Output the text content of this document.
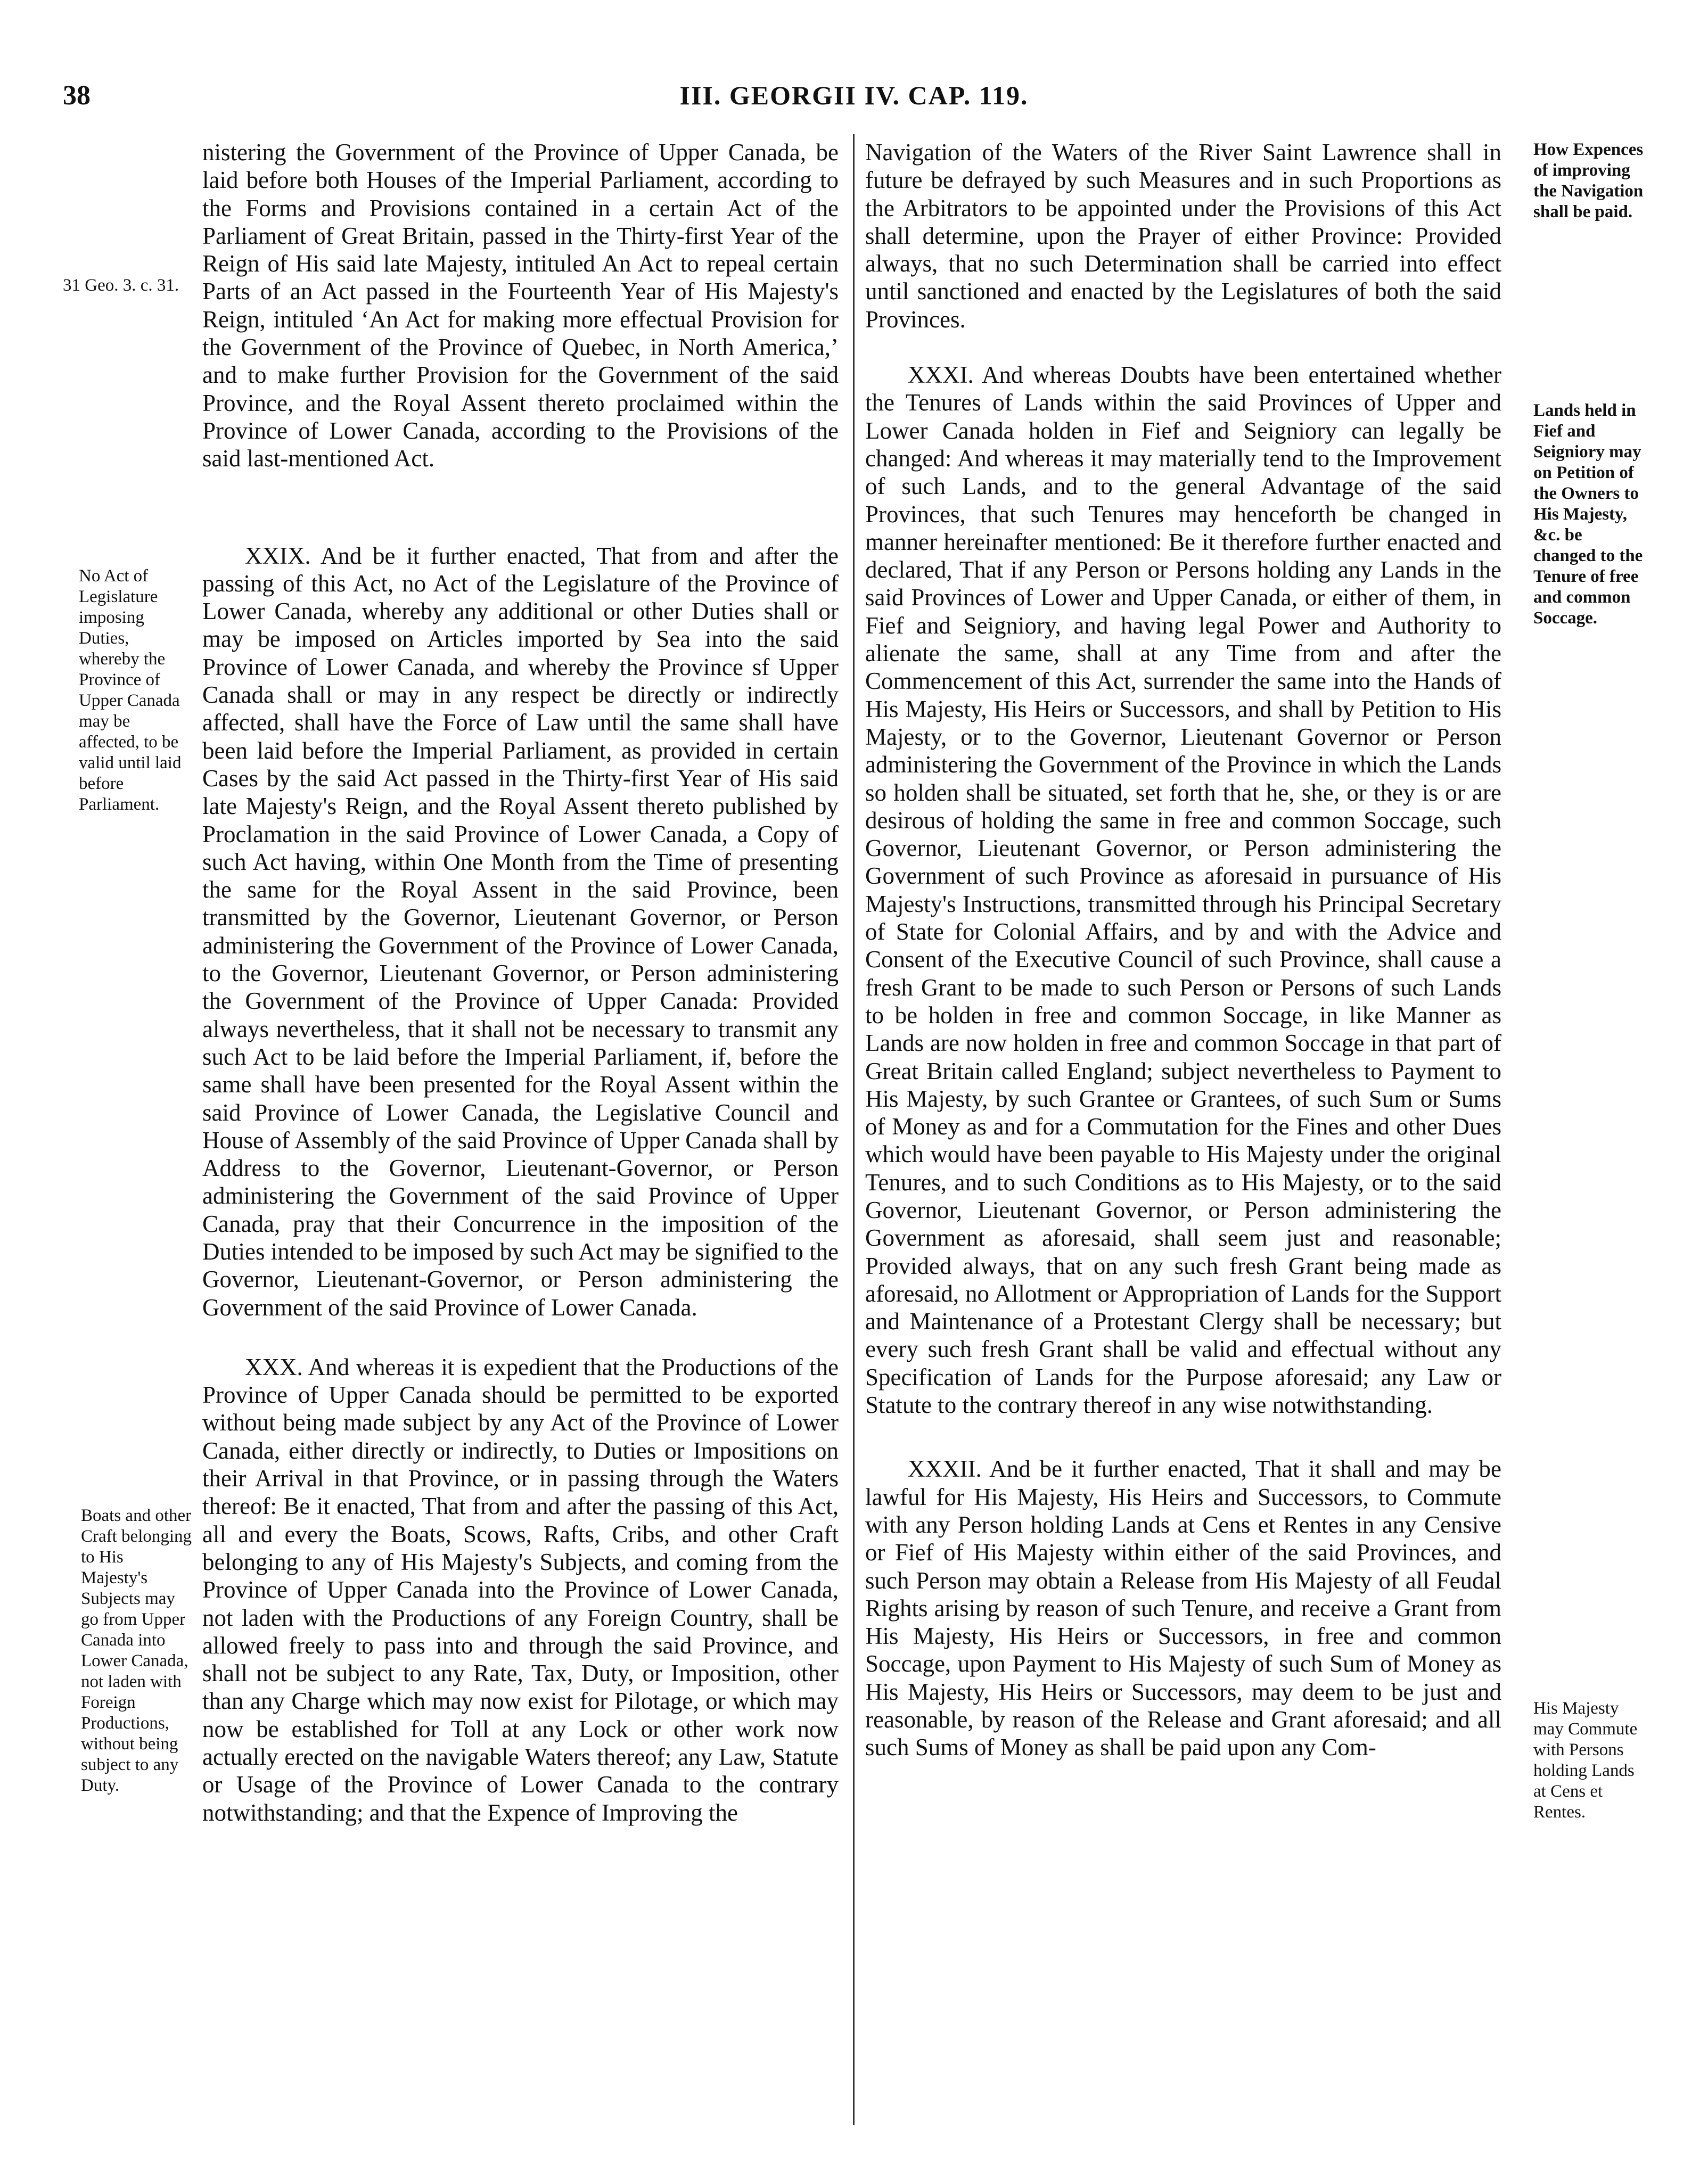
38	III. GEORGII IV. CAP. 119.
31 Geo. 3. c. 31.
No Act of Legislature imposing Duties, whereby the Province of Upper Canada may be affected, to be valid until laid before Parliament.
Boats and other Craft belonging to His Majesty's Subjects may go from Upper Canada into Lower Canada, not laden with Foreign Productions, without being subject to any Duty.
How Expences of improving the Navigation shall be paid.
Lands held in Fief and Seigniory may on Petition of the Owners to His Majesty, &c. be changed to the Tenure of free and common Soccage.
His Majesty may Commute with Persons holding Lands at Cens et Rentes.

nistering the Government of the Province of Upper Canada, be laid before both Houses of the Imperial Parliament, according to the Forms and Provisions contained in a certain Act of the Parliament of Great Britain, passed in the Thirty-first Year of the Reign of His said late Majesty, intituled An Act to repeal certain Parts of an Act passed in the Fourteenth Year of His Majesty's Reign, intituled ‘An Act for making more effectual Provision for the Government of the Province of Quebec, in North America,’ and to make further Provision for the Government of the said Province, and the Royal Assent thereto proclaimed within the Province of Lower Canada, according to the Provisions of the said last-mentioned Act.

XXIX. And be it further enacted, That from and after the passing of this Act, no Act of the Legislature of the Province of Lower Canada, whereby any additional or other Duties shall or may be imposed on Articles imported by Sea into the said Province of Lower Canada, and whereby the Province sf Upper Canada shall or may in any respect be directly or indirectly affected, shall have the Force of Law until the same shall have been laid before the Imperial Parliament, as provided in certain Cases by the said Act passed in the Thirty-first Year of His said late Majesty's Reign, and the Royal Assent thereto published by Proclamation in the said Province of Lower Canada, a Copy of such Act having, within One Month from the Time of presenting the same for the Royal Assent in the said Province, been transmitted by the Governor, Lieutenant Governor, or Person administering the Government of the Province of Lower Canada, to the Governor, Lieutenant Governor, or Person administering the Government of the Province of Upper Canada: Provided always nevertheless, that it shall not be necessary to transmit any such Act to be laid before the Imperial Parliament, if, before the same shall have been presented for the Royal Assent within the said Province of Lower Canada, the Legislative Council and House of Assembly of the said Province of Upper Canada shall by Address to the Governor, Lieutenant-Governor, or Person administering the Government of the said Province of Upper Canada, pray that their Concurrence in the imposition of the Duties intended to be imposed by such Act may be signified to the Governor, Lieutenant-Governor, or Person administering the Government of the said Province of Lower Canada.

XXX. And whereas it is expedient that the Productions of the Province of Upper Canada should be permitted to be exported without being made subject by any Act of the Province of Lower Canada, either directly or indirectly, to Duties or Impositions on their Arrival in that Province, or in passing through the Waters thereof: Be it enacted, That from and after the passing of this Act, all and every the Boats, Scows, Rafts, Cribs, and other Craft belonging to any of His Majesty's Subjects, and coming from the Province of Upper Canada into the Province of Lower Canada, not laden with the Productions of any Foreign Country, shall be allowed freely to pass into and through the said Province, and shall not be subject to any Rate, Tax, Duty, or Imposition, other than any Charge which may now exist for Pilotage, or which may now be established for Toll at any Lock or other work now actually erected on the navigable Waters thereof; any Law, Statute or Usage of the Province of Lower Canada to the contrary notwithstanding; and that the Expence of Improving the

Navigation of the Waters of the River Saint Lawrence shall in future be defrayed by such Measures and in such Proportions as the Arbitrators to be appointed under the Provisions of this Act shall determine, upon the Prayer of either Province: Provided always, that no such Determination shall be carried into effect until sanctioned and enacted by the Legislatures of both the said Provinces.

XXXI. And whereas Doubts have been entertained whether the Tenures of Lands within the said Provinces of Upper and Lower Canada holden in Fief and Seigniory can legally be changed: And whereas it may materially tend to the Improvement of such Lands, and to the general Advantage of the said Provinces, that such Tenures may henceforth be changed in manner hereinafter mentioned: Be it therefore further enacted and declared, That if any Person or Persons holding any Lands in the said Provinces of Lower and Upper Canada, or either of them, in Fief and Seigniory, and having legal Power and Authority to alienate the same, shall at any Time from and after the Commencement of this Act, surrender the same into the Hands of His Majesty, His Heirs or Successors, and shall by Petition to His Majesty, or to the Governor, Lieutenant Governor or Person administering the Government of the Province in which the Lands so holden shall be situated, set forth that he, she, or they is or are desirous of holding the same in free and common Soccage, such Governor, Lieutenant Governor, or Person administering the Government of such Province as aforesaid in pursuance of His Majesty's Instructions, transmitted through his Principal Secretary of State for Colonial Affairs, and by and with the Advice and Consent of the Executive Council of such Province, shall cause a fresh Grant to be made to such Person or Persons of such Lands to be holden in free and common Soccage, in like Manner as Lands are now holden in free and common Soccage in that part of Great Britain called England; subject nevertheless to Payment to His Majesty, by such Grantee or Grantees, of such Sum or Sums of Money as and for a Commutation for the Fines and other Dues which would have been payable to His Majesty under the original Tenures, and to such Conditions as to His Majesty, or to the said Governor, Lieutenant Governor, or Person administering the Government as aforesaid, shall seem just and reasonable; Provided always, that on any such fresh Grant being made as aforesaid, no Allotment or Appropriation of Lands for the Support and Maintenance of a Protestant Clergy shall be necessary; but every such fresh Grant shall be valid and effectual without any Specification of Lands for the Purpose aforesaid; any Law or Statute to the contrary thereof in any wise notwithstanding.

XXXII. And be it further enacted, That it shall and may be lawful for His Majesty, His Heirs and Successors, to Commute with any Person holding Lands at Cens et Rentes in any Censive or Fief of His Majesty within either of the said Provinces, and such Person may obtain a Release from His Majesty of all Feudal Rights arising by reason of such Tenure, and receive a Grant from His Majesty, His Heirs or Successors, in free and common Soccage, upon Payment to His Majesty of such Sum of Money as His Majesty, His Heirs or Successors, may deem to be just and reasonable, by reason of the Release and Grant aforesaid; and all such Sums of Money as shall be paid upon any Com-
